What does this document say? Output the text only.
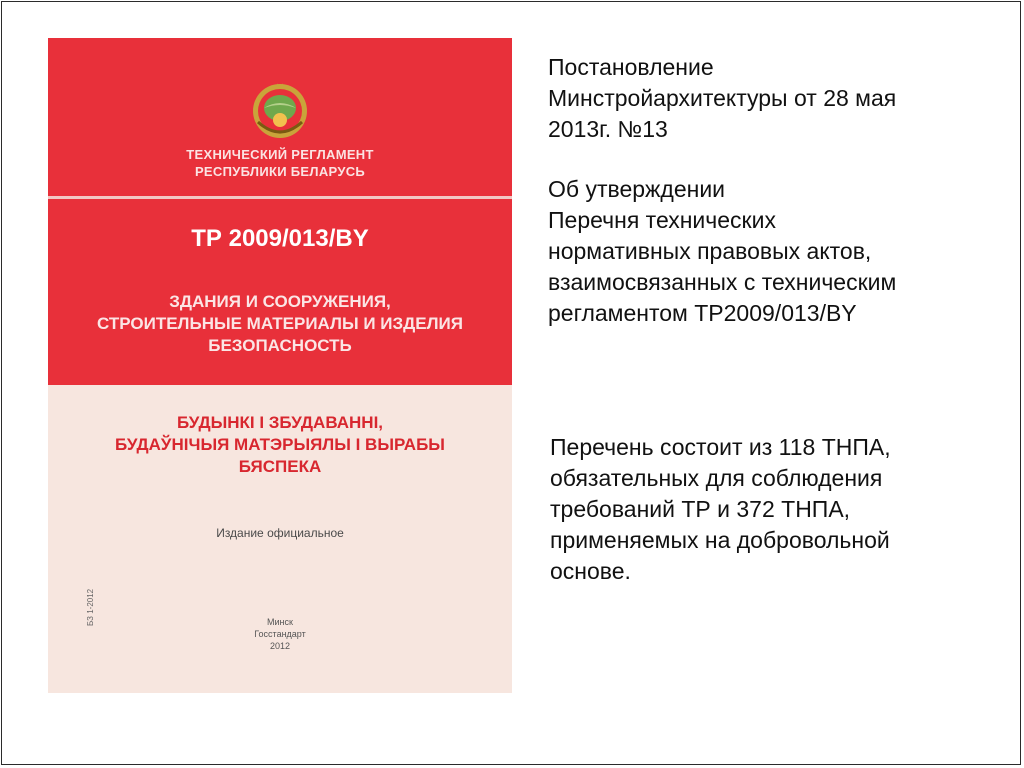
ТЕХНИЧЕСКИЙ РЕГЛАМЕНТ
РЕСПУБЛИКИ БЕЛАРУСЬ

ТР 2009/013/BY

ЗДАНИЯ И СООРУЖЕНИЯ,
СТРОИТЕЛЬНЫЕ МАТЕРИАЛЫ И ИЗДЕЛИЯ
БЕЗОПАСНОСТЬ

БУДЫНКІ І ЗБУДАВАННІ,
БУДАЎНІЧЫЯ МАТЭРЫЯЛЫ І ВЫРАБЫ
БЯСПЕКА

Издание официальное

Минск
Госстандарт
2012

БЗ 1-2012

Постановление
Минстройархитектуры от 28 мая
2013г. №13

Об утверждении
Перечня технических
нормативных правовых актов,
взаимосвязанных с техническим
регламентом ТР2009/013/BY

Перечень состоит из 118 ТНПА,
обязательных для соблюдения
требований ТР и 372 ТНПА,
применяемых на добровольной
основе.
